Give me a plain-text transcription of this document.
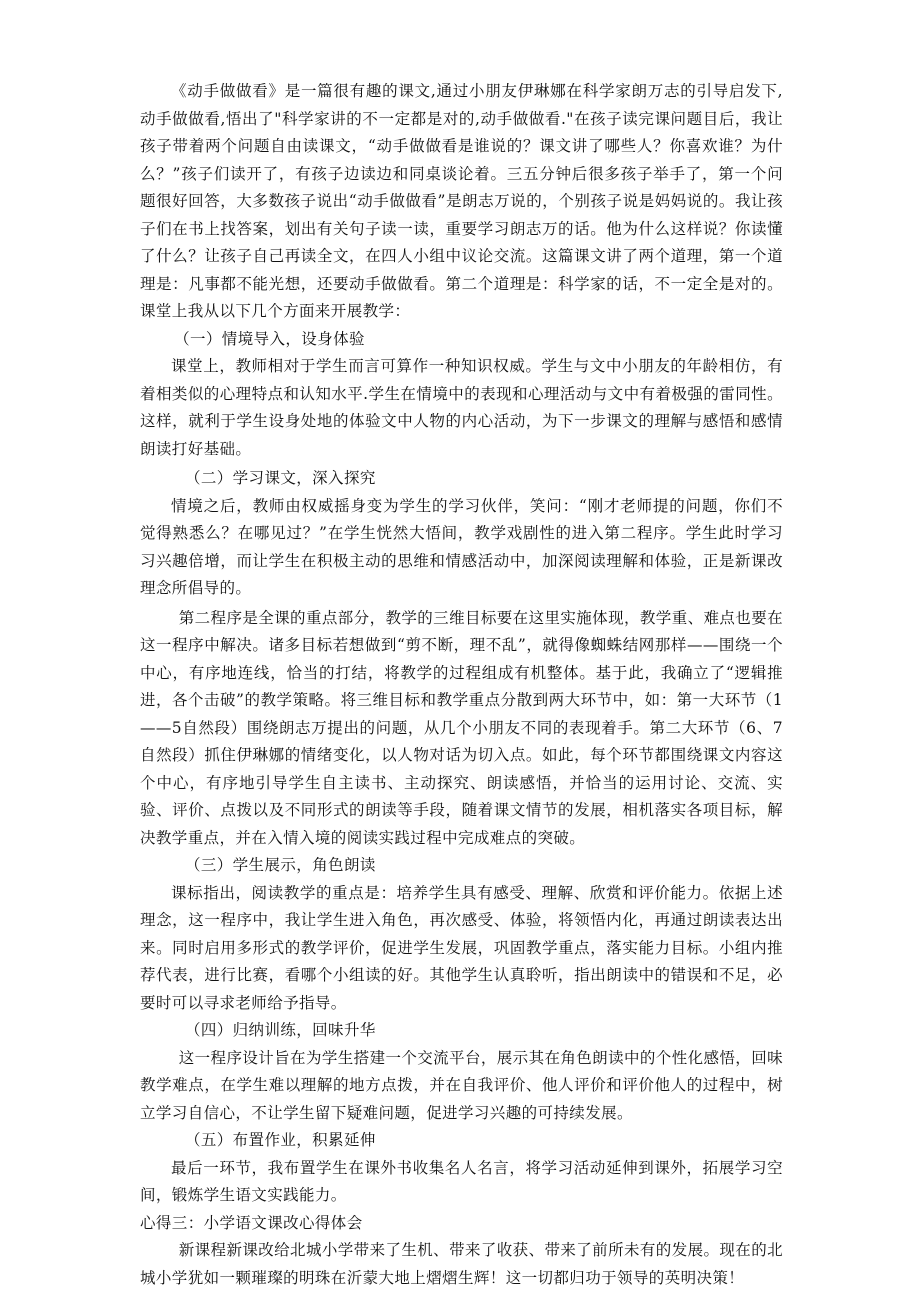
《动手做做看》是一篇很有趣的课文,通过小朋友伊琳娜在科学家朗万志的引导启发下,动手做做看,悟出了"科学家讲的不一定都是对的,动手做做看."在孩子读完课问题目后，我让孩子带着两个问题自由读课文，“动手做做看是谁说的？课文讲了哪些人？你喜欢谁？为什么？”孩子们读开了，有孩子边读边和同桌谈论着。三五分钟后很多孩子举手了，第一个问题很好回答，大多数孩子说出“动手做做看”是朗志万说的，个别孩子说是妈妈说的。我让孩子们在书上找答案，划出有关句子读一读，重要学习朗志万的话。他为什么这样说？你读懂了什么？让孩子自己再读全文，在四人小组中议论交流。这篇课文讲了两个道理，第一个道理是：凡事都不能光想，还要动手做做看。第二个道理是：科学家的话，不一定全是对的。课堂上我从以下几个方面来开展教学：

（一）情境导入，设身体验

课堂上，教师相对于学生而言可算作一种知识权威。学生与文中小朋友的年龄相仿，有着相类似的心理特点和认知水平.学生在情境中的表现和心理活动与文中有着极强的雷同性。这样，就利于学生设身处地的体验文中人物的内心活动，为下一步课文的理解与感悟和感情朗读打好基础。

（二）学习课文，深入探究

情境之后，教师由权威摇身变为学生的学习伙伴，笑问：“刚才老师提的问题，你们不觉得熟悉么？在哪见过？”在学生恍然大悟间，教学戏剧性的进入第二程序。学生此时学习习兴趣倍增，而让学生在积极主动的思维和情感活动中，加深阅读理解和体验，正是新课改理念所倡导的。

第二程序是全课的重点部分，教学的三维目标要在这里实施体现，教学重、难点也要在这一程序中解决。诸多目标若想做到“剪不断，理不乱”，就得像蜘蛛结网那样——围绕一个中心，有序地连线，恰当的打结，将教学的过程组成有机整体。基于此，我确立了“逻辑推进，各个击破”的教学策略。将三维目标和教学重点分散到两大环节中，如：第一大环节（1——5自然段）围绕朗志万提出的问题，从几个小朋友不同的表现着手。第二大环节（6、7自然段）抓住伊琳娜的情绪变化，以人物对话为切入点。如此，每个环节都围绕课文内容这个中心，有序地引导学生自主读书、主动探究、朗读感悟，并恰当的运用讨论、交流、实验、评价、点拨以及不同形式的朗读等手段，随着课文情节的发展，相机落实各项目标，解决教学重点，并在入情入境的阅读实践过程中完成难点的突破。

（三）学生展示，角色朗读

课标指出，阅读教学的重点是：培养学生具有感受、理解、欣赏和评价能力。依据上述理念，这一程序中，我让学生进入角色，再次感受、体验，将领悟内化，再通过朗读表达出来。同时启用多形式的教学评价，促进学生发展，巩固教学重点，落实能力目标。小组内推荐代表，进行比赛，看哪个小组读的好。其他学生认真聆听，指出朗读中的错误和不足，必要时可以寻求老师给予指导。

（四）归纳训练，回味升华

这一程序设计旨在为学生搭建一个交流平台，展示其在角色朗读中的个性化感悟，回味教学难点，在学生难以理解的地方点拨，并在自我评价、他人评价和评价他人的过程中，树立学习自信心，不让学生留下疑难问题，促进学习兴趣的可持续发展。

（五）布置作业，积累延伸

最后一环节，我布置学生在课外书收集名人名言，将学习活动延伸到课外，拓展学习空间，锻炼学生语文实践能力。

心得三：小学语文课改心得体会

新课程新课改给北城小学带来了生机、带来了收获、带来了前所未有的发展。现在的北城小学犹如一颗璀璨的明珠在沂蒙大地上熠熠生辉！这一切都归功于领导的英明决策！
